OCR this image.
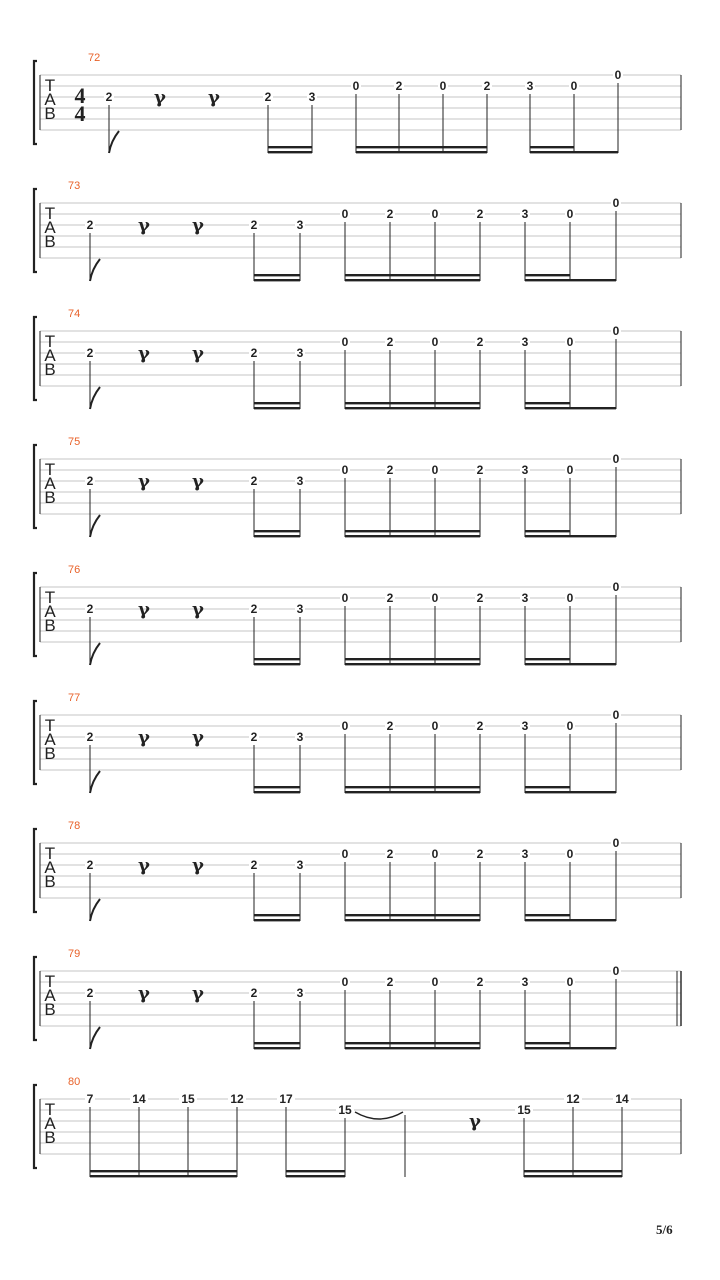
T
A
B
72
4
4
2 γ γ	2	3
0	2	0	2	3	0
0
T
A
B
73
2 γ γ	2	3
0	2	0	2	3	0
0
T
A
B
74
2 γ γ	2	3
0	2	0	2	3	0
0
T
A
B
75
2 γ γ	2	3
0	2	0	2	3	0
0
T
A
B
76
2 γ γ	2	3
0	2	0	2	3	0
0
T
A
B
77
2 γ γ	2	3
0	2	0	2	3	0
0
T
A
B
78
2 γ γ	2	3
0	2	0	2	3	0
0
T
A
B
79
2 γ γ	2	3
0	2	0	2	3	0
0
T
A
B
80
7	14	15	12	17
15
γ
15
12	14
5/6
